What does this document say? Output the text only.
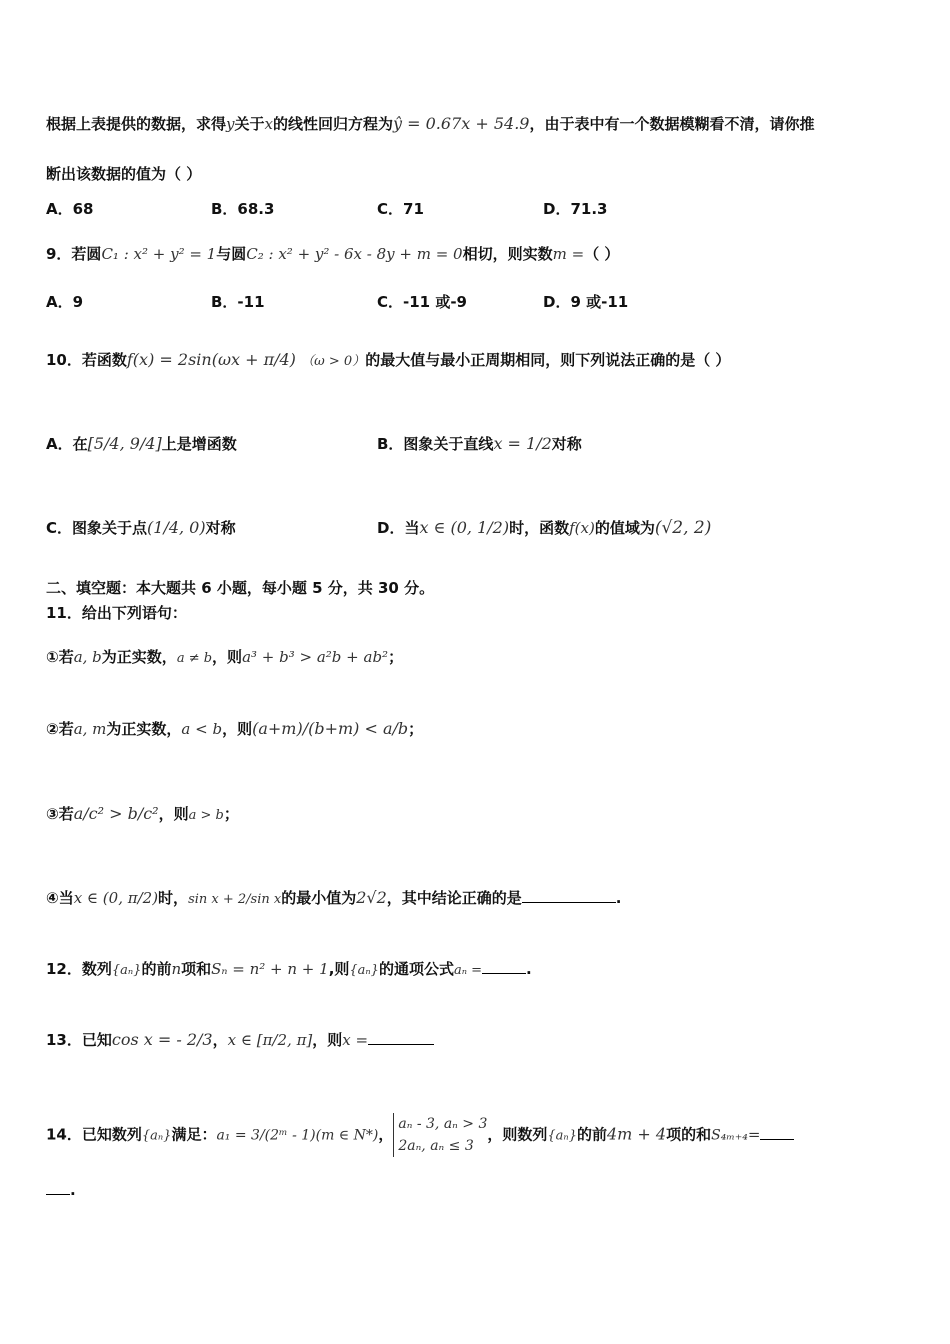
根据上表提供的数据，求得y关于x的线性回归方程为ŷ = 0.67x + 54.9，由于表中有一个数据模糊看不清，请你推
断出该数据的值为（ ）
A．68	B．68.3	C．71	D．71.3
9．若圆C₁ : x² + y² = 1与圆C₂ : x² + y² - 6x - 8y + m = 0相切，则实数m =（ ）
A．9	B．-11	C．-11 或-9	D．9 或-11
10．若函数f(x) = 2sin(ωx + π/4) （ω > 0）的最大值与最小正周期相同，则下列说法正确的是（ ）
A．在[5/4, 9/4]上是增函数	B．图象关于直线x = 1/2对称
C．图象关于点(1/4, 0)对称	D．当x ∈ (0, 1/2)时，函数f(x)的值域为(√2, 2)
二、填空题：本大题共 6 小题，每小题 5 分，共 30 分。
11．给出下列语句：
①若a, b为正实数，a ≠ b，则a³ + b³ > a²b + ab²；
②若a, m为正实数，a < b，则(a+m)/(b+m) < a/b；
③若a/c² > b/c²，则a > b；
④当x ∈ (0, π/2)时，sin x + 2/sin x的最小值为2√2，其中结论正确的是	.
12．数列{aₙ}的前n项和Sₙ = n² + n + 1,则{aₙ}的通项公式aₙ =	.
13．已知cos x = - 2/3，x ∈ [π/2, π]，则x =
14．已知数列{aₙ}满足：a₁ = 3/(2ᵐ - 1)(m ∈ N*)，
aₙ - 3, aₙ > 3
2aₙ, aₙ ≤ 3
，则数列{aₙ}的前4m + 4项的和S₄ₘ₊₄=
.
